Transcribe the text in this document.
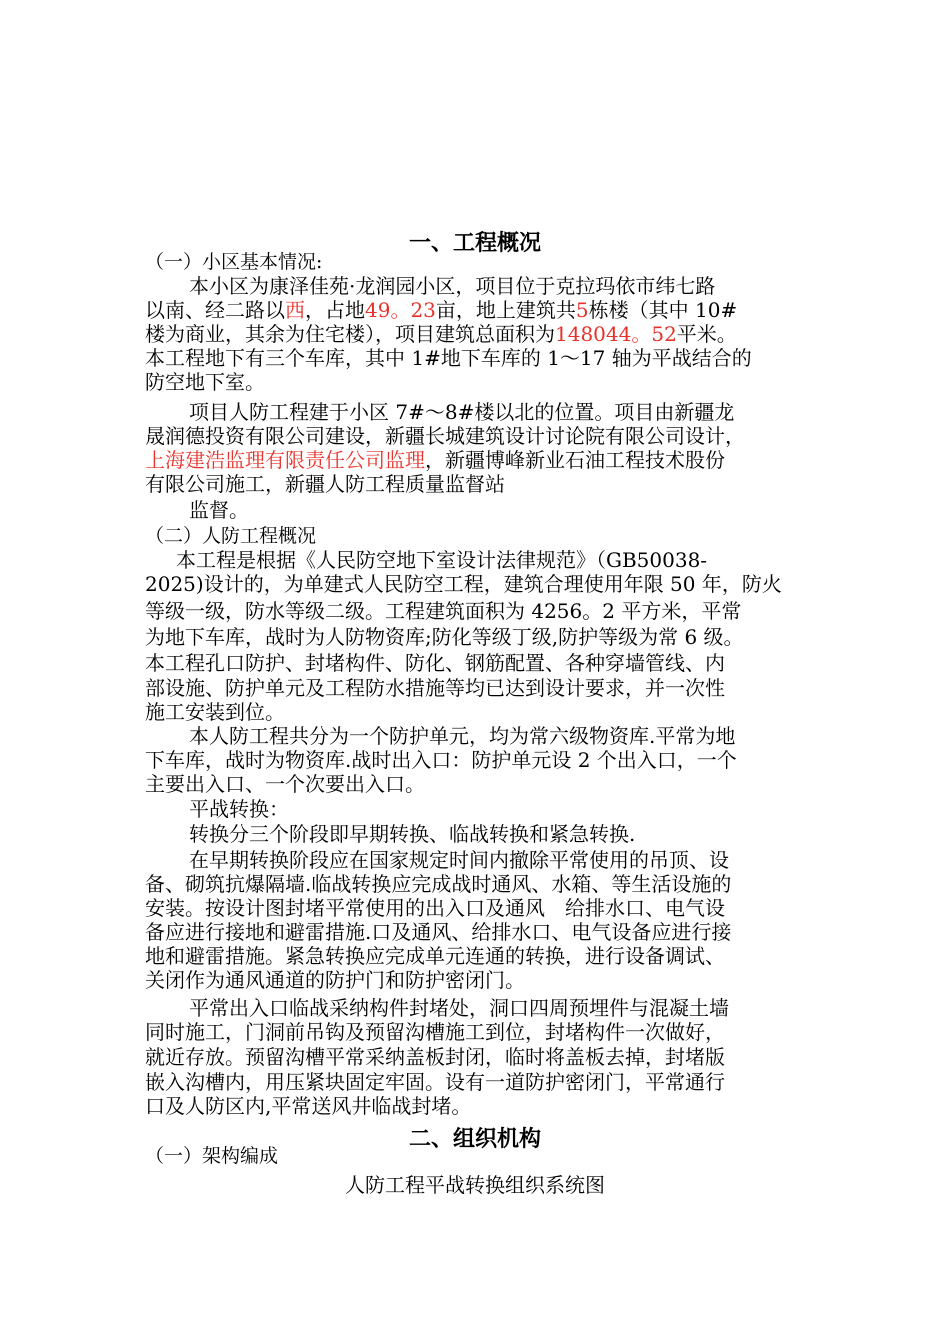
一、工程概况
（一）小区基本情况:
本小区为康泽佳苑·龙润园小区，项目位于克拉玛依市纬七路
以南、经二路以西，占地49。23亩，地上建筑共5栋楼（其中 10#
楼为商业，其余为住宅楼），项目建筑总面积为148044。52平米。
本工程地下有三个车库，其中 1#地下车库的 1～17 轴为平战结合的
防空地下室。
项目人防工程建于小区 7#～8#楼以北的位置。项目由新疆龙
晟润德投资有限公司建设，新疆长城建筑设计讨论院有限公司设计，
上海建浩监理有限责任公司监理，新疆博峰新业石油工程技术股份
有限公司施工，新疆人防工程质量监督站
监督。
（二）人防工程概况
本工程是根据《人民防空地下室设计法律规范》（GB50038-
2025)设计的，为单建式人民防空工程，建筑合理使用年限 50 年，防火
等级一级，防水等级二级。工程建筑面积为 4256。2 平方米，平常
为地下车库，战时为人防物资库;防化等级丁级,防护等级为常 6 级。
本工程孔口防护、封堵构件、防化、钢筋配置、各种穿墙管线、内
部设施、防护单元及工程防水措施等均已达到设计要求，并一次性
施工安装到位。
本人防工程共分为一个防护单元，均为常六级物资库.平常为地
下车库，战时为物资库.战时出入口：防护单元设 2 个出入口，一个
主要出入口、一个次要出入口。
平战转换：
转换分三个阶段即早期转换、临战转换和紧急转换.
在早期转换阶段应在国家规定时间内撤除平常使用的吊顶、设
备、砌筑抗爆隔墙.临战转换应完成战时通风、水箱、等生活设施的
安装。按设计图封堵平常使用的出入口及通风　给排水口、电气设
备应进行接地和避雷措施.口及通风、给排水口、电气设备应进行接
地和避雷措施。紧急转换应完成单元连通的转换，进行设备调试、
关闭作为通风通道的防护门和防护密闭门。
平常出入口临战采纳构件封堵处，洞口四周预埋件与混凝土墙
同时施工，门洞前吊钩及预留沟槽施工到位，封堵构件一次做好，
就近存放。预留沟槽平常采纳盖板封闭，临时将盖板去掉，封堵版
嵌入沟槽内，用压紧块固定牢固。设有一道防护密闭门，平常通行
口及人防区内,平常送风井临战封堵。
二、组织机构
（一）架构编成
人防工程平战转换组织系统图
